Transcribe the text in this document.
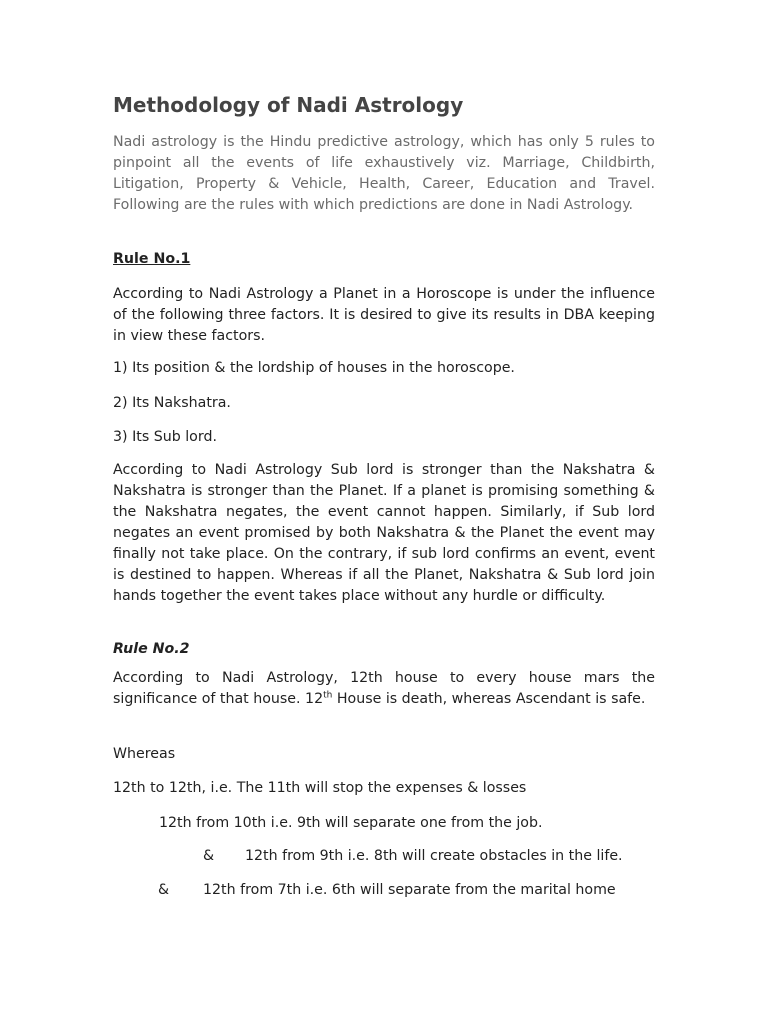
Methodology of Nadi Astrology

Nadi astrology is the Hindu predictive astrology, which has only 5 rules to pinpoint all the events of life exhaustively viz. Marriage, Childbirth, Litigation, Property & Vehicle, Health, Career, Education and Travel. Following are the rules with which predictions are done in Nadi Astrology.

Rule No.1

According to Nadi Astrology a Planet in a Horoscope is under the influence of the following three factors. It is desired to give its results in DBA keeping in view these factors.

1) Its position & the lordship of houses in the horoscope.

2) Its Nakshatra.

3) Its Sub lord.

According to Nadi Astrology Sub lord is stronger than the Nakshatra & Nakshatra is stronger than the Planet. If a planet is promising something & the Nakshatra negates, the event cannot happen. Similarly, if Sub lord negates an event promised by both Nakshatra & the Planet the event may finally not take place. On the contrary, if sub lord confirms an event, event is destined to happen. Whereas if all the Planet, Nakshatra & Sub lord join hands together the event takes place without any hurdle or difficulty.

Rule No.2

According to Nadi Astrology, 12th house to every house mars the significance of that house. 12th House is death, whereas Ascendant is safe.

Whereas

12th to 12th, i.e. The 11th will stop the expenses & losses

12th from 10th i.e. 9th will separate one from the job.

& 12th from 9th i.e. 8th will create obstacles in the life.

& 12th from 7th i.e. 6th will separate from the marital home
